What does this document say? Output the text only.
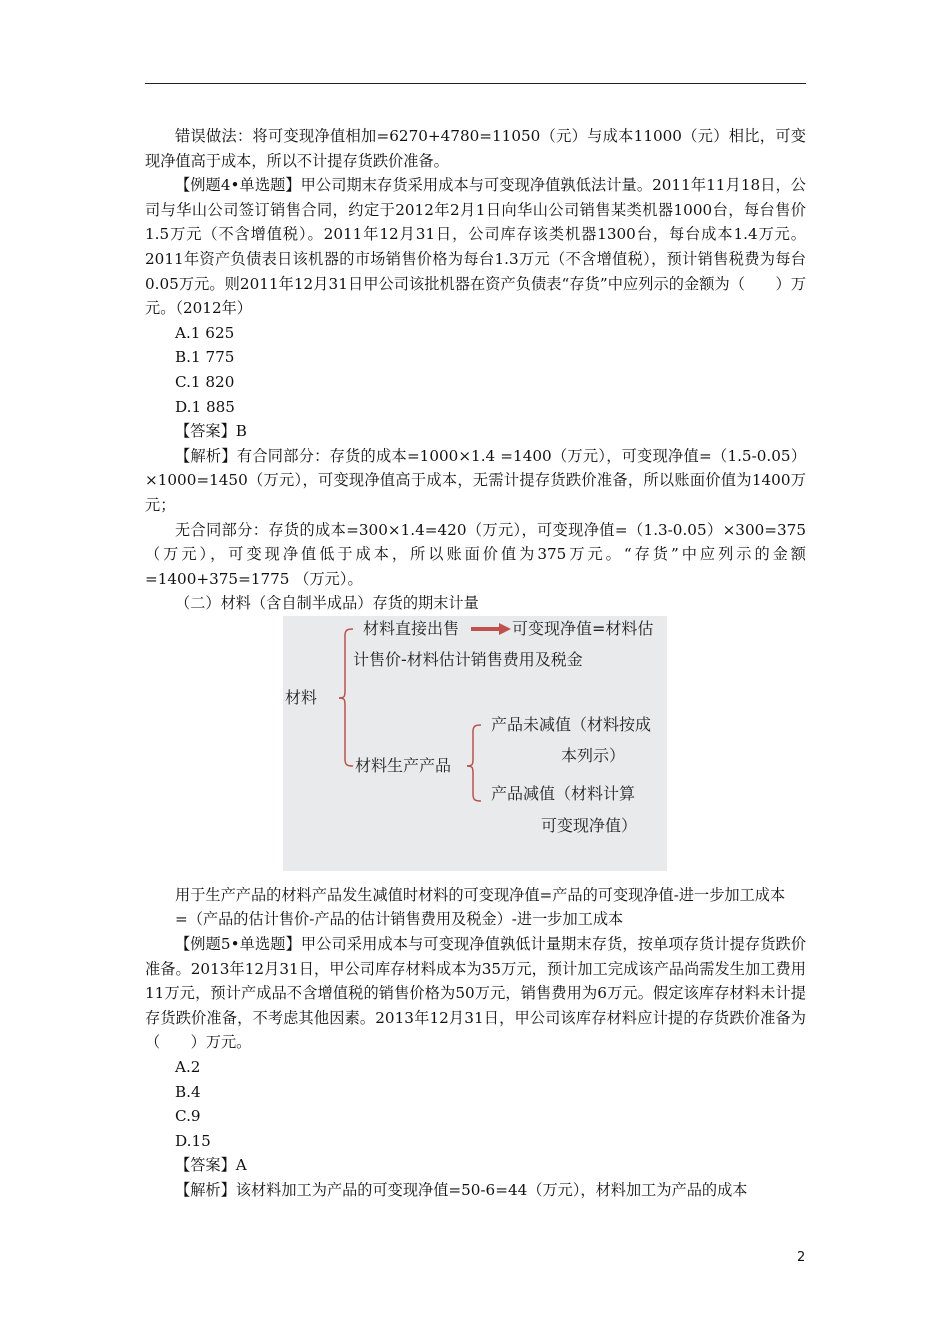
错误做法：将可变现净值相加=6270+4780=11050（元）与成本11000（元）相比，可变现净值高于成本，所以不计提存货跌价准备。

【例题4•单选题】甲公司期末存货采用成本与可变现净值孰低法计量。2011年11月18日，公司与华山公司签订销售合同，约定于2012年2月1日向华山公司销售某类机器1000台，每台售价1.5万元（不含增值税）。2011年12月31日，公司库存该类机器1300台，每台成本1.4万元。2011年资产负债表日该机器的市场销售价格为每台1.3万元（不含增值税），预计销售税费为每台0.05万元。则2011年12月31日甲公司该批机器在资产负债表“存货”中应列示的金额为（　　）万元。（2012年）

A.1 625

B.1 775

C.1 820

D.1 885

【答案】B

【解析】有合同部分：存货的成本=1000×1.4 =1400（万元），可变现净值=（1.5-0.05）×1000=1450（万元），可变现净值高于成本，无需计提存货跌价准备，所以账面价值为1400万元；

无合同部分：存货的成本=300×1.4=420（万元），可变现净值=（1.3-0.05）×300=375（万元），可变现净值低于成本，所以账面价值为375万元。“存货”中应列示的金额=1400+375=1775 （万元）。

（二）材料（含自制半成品）存货的期末计量

材料
材料直接出售	可变现净值=材料估
计售价-材料估计销售费用及税金
材料生产产品
产品未减值（材料按成
本列示）
产品减值（材料计算
可变现净值）

用于生产产品的材料产品发生减值时材料的可变现净值=产品的可变现净值-进一步加工成本

=（产品的估计售价-产品的估计销售费用及税金）-进一步加工成本

【例题5•单选题】甲公司采用成本与可变现净值孰低计量期末存货，按单项存货计提存货跌价准备。2013年12月31日，甲公司库存材料成本为35万元，预计加工完成该产品尚需发生加工费用11万元，预计产成品不含增值税的销售价格为50万元，销售费用为6万元。假定该库存材料未计提存货跌价准备，不考虑其他因素。2013年12月31日，甲公司该库存材料应计提的存货跌价准备为（　　）万元。

A.2

B.4

C.9

D.15

【答案】A

【解析】该材料加工为产品的可变现净值=50-6=44（万元），材料加工为产品的成本

2
